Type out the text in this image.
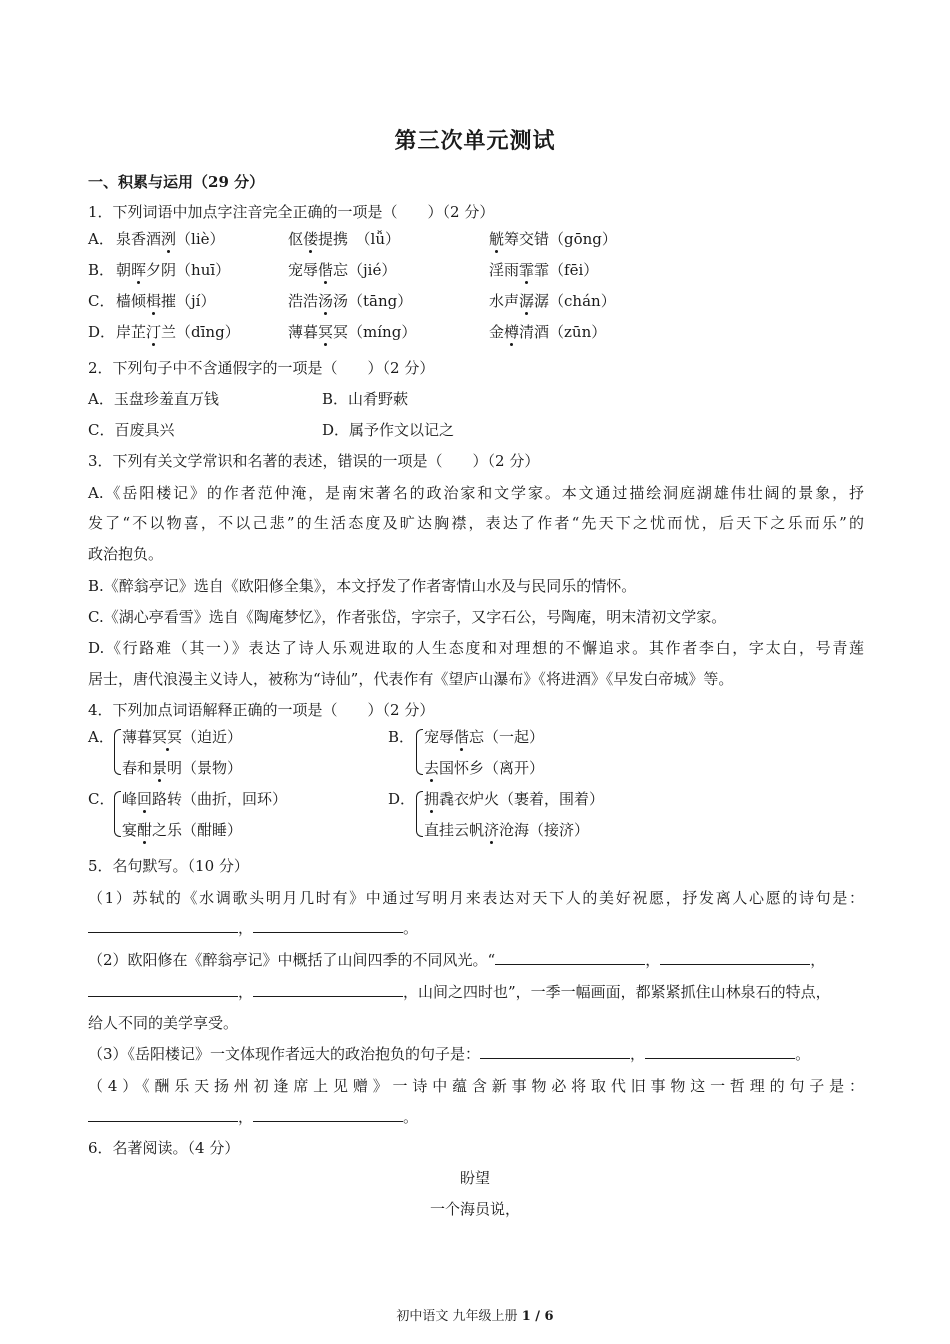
第三次单元测试
一、积累与运用（29 分）
1．下列词语中加点字注音完全正确的一项是（　　）（2 分）
A． 泉香酒洌（liè）	伛偻提携　（lǚ）	觥筹交错（gōng）
B． 朝晖夕阴（huī）	宠辱偕忘（jié）	淫雨霏霏（fēi）
C． 樯倾楫摧（jí）	浩浩汤汤（tāng）	水声潺潺（chán）
D． 岸芷汀兰（dīng）	薄暮冥冥（míng）	金樽清酒（zūn）
2．下列句子中不含通假字的一项是（　　）（2 分）
A．玉盘珍羞直万钱	B．山肴野蔌
C．百废具兴	D．属予作文以记之
3．下列有关文学常识和名著的表述，错误的一项是（　　）（2 分）
A.《岳阳楼记》的作者范仲淹，是南宋著名的政治家和文学家。本文通过描绘洞庭湖雄伟壮阔的景象，抒
发了“不以物喜，不以己悲”的生活态度及旷达胸襟，表达了作者“先天下之忧而忧，后天下之乐而乐”的
政治抱负。
B.《醉翁亭记》选自《欧阳修全集》，本文抒发了作者寄情山水及与民同乐的情怀。
C.《湖心亭看雪》选自《陶庵梦忆》，作者张岱，字宗子，又字石公，号陶庵，明末清初文学家。
D.《行路难（其一）》表达了诗人乐观进取的人生态度和对理想的不懈追求。其作者李白，字太白，号青莲
居士，唐代浪漫主义诗人，被称为“诗仙”，代表作有《望庐山瀑布》《将进酒》《早发白帝城》等。
4．下列加点词语解释正确的一项是（　　）（2 分）
A． 薄暮冥冥（迫近）
春和景明（景物）
B． 宠辱偕忘（一起）
去国怀乡（离开）
C． 峰回路转（曲折，回环）
宴酣之乐（酣睡）
D． 拥毳衣炉火（裹着，围着）
直挂云帆济沧海（接济）
5．名句默写。（10 分）
（1）苏轼的《水调歌头明月几时有》中通过写明月来表达对天下人的美好祝愿，抒发离人心愿的诗句是：
，	。
（2）欧阳修在《醉翁亭记》中概括了山间四季的不同风光。“	，	，
，	，山间之四时也”，一季一幅画面，都紧紧抓住山林泉石的特点，
给人不同的美学享受。
（3）《岳阳楼记》一文体现作者远大的政治抱负的句子是：	，	。
（4）《酬乐天扬州初逢席上见赠》一诗中蕴含新事物必将取代旧事物这一哲理的句子是：
，	。
6．名著阅读。（4 分）
盼望
一个海员说，
初中语文 九年级上册 1 / 6
